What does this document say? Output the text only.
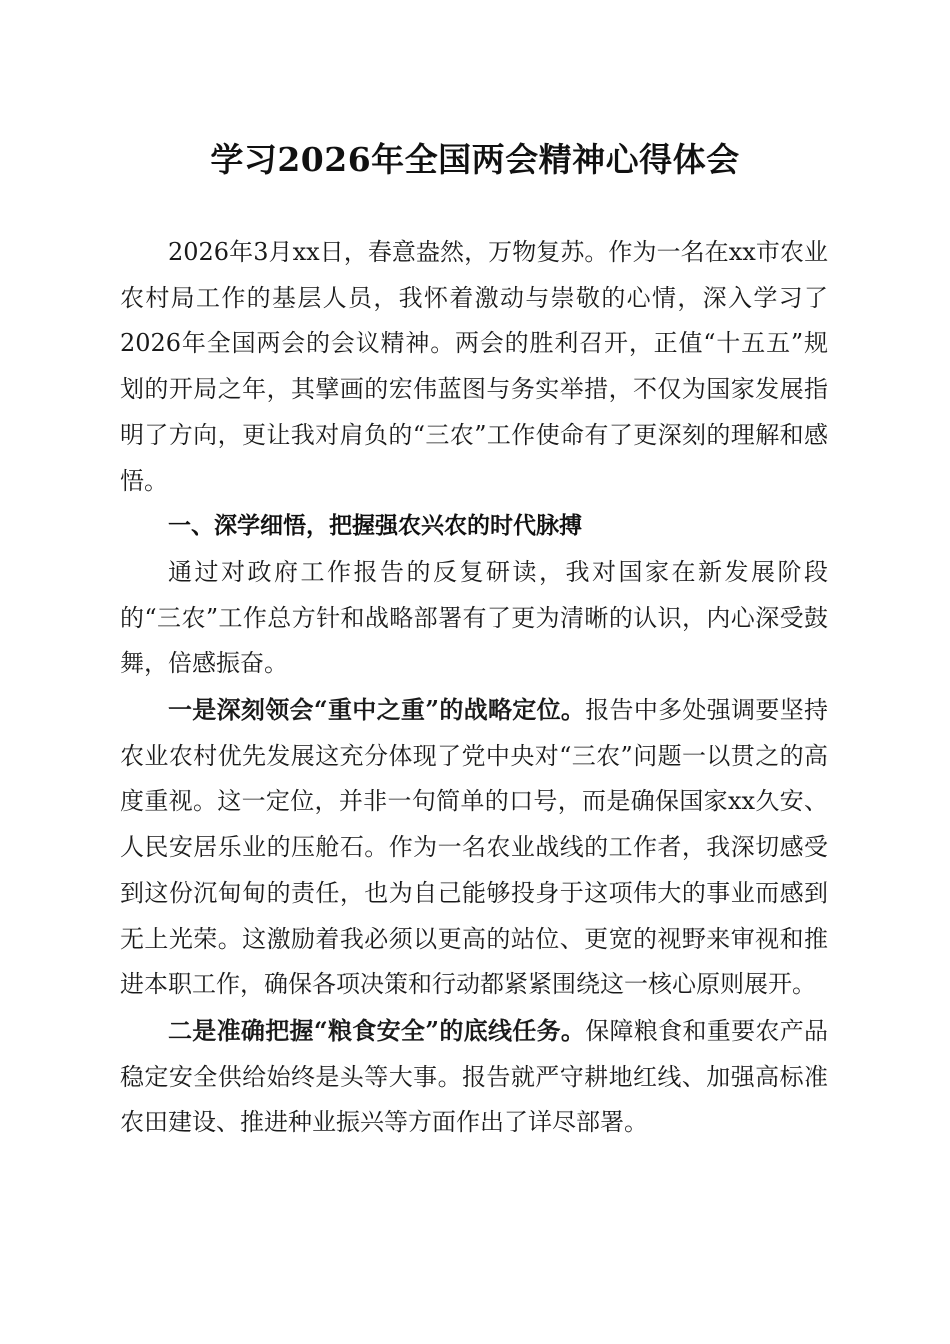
学习2026年全国两会精神心得体会

2026年3月xx日，春意盎然，万物复苏。作为一名在xx市农业农村局工作的基层人员，我怀着激动与崇敬的心情，深入学习了2026年全国两会的会议精神。两会的胜利召开，正值“十五五”规划的开局之年，其擘画的宏伟蓝图与务实举措，不仅为国家发展指明了方向，更让我对肩负的“三农”工作使命有了更深刻的理解和感悟。

一、深学细悟，把握强农兴农的时代脉搏

通过对政府工作报告的反复研读，我对国家在新发展阶段的“三农”工作总方针和战略部署有了更为清晰的认识，内心深受鼓舞，倍感振奋。

一是深刻领会“重中之重”的战略定位。报告中多处强调要坚持农业农村优先发展这充分体现了党中央对“三农”问题一以贯之的高度重视。这一定位，并非一句简单的口号，而是确保国家xx久安、人民安居乐业的压舱石。作为一名农业战线的工作者，我深切感受到这份沉甸甸的责任，也为自己能够投身于这项伟大的事业而感到无上光荣。这激励着我必须以更高的站位、更宽的视野来审视和推进本职工作，确保各项决策和行动都紧紧围绕这一核心原则展开。

二是准确把握“粮食安全”的底线任务。保障粮食和重要农产品稳定安全供给始终是头等大事。报告就严守耕地红线、加强高标准农田建设、推进种业振兴等方面作出了详尽部署。
